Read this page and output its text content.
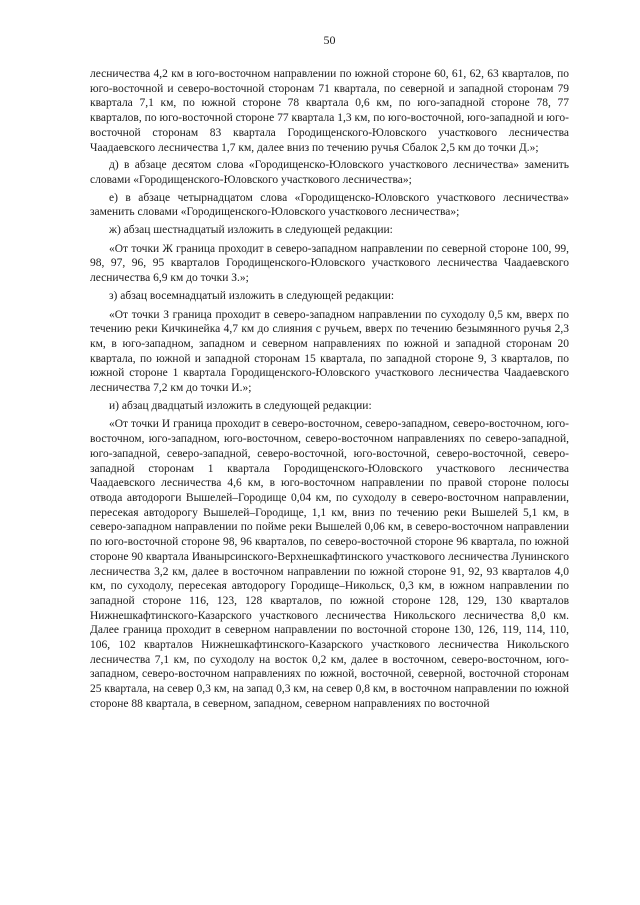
50

лесничества 4,2 км в юго-восточном направлении по южной стороне 60, 61, 62, 63 кварталов, по юго-восточной и северо-восточной сторонам 71 квартала, по северной и западной сторонам 79 квартала 7,1 км, по южной стороне 78 квартала 0,6 км, по юго-западной стороне 78, 77 кварталов, по юго-восточной стороне 77 квартала 1,3 км, по юго-восточной, юго-западной и юго-восточной сторонам 83 квартала Городищенского-Юловского участкового лесничества Чаадаевского лесничества 1,7 км, далее вниз по течению ручья Сбалок 2,5 км до точки Д.»;

д) в абзаце десятом слова «Городищенско-Юловского участкового лесничества» заменить словами «Городищенского-Юловского участкового лесничества»;

е) в абзаце четырнадцатом слова «Городищенско-Юловского участкового лесничества» заменить словами «Городищенского-Юловского участкового лесничества»;

ж) абзац шестнадцатый изложить в следующей редакции:

«От точки Ж граница проходит в северо-западном направлении по северной стороне 100, 99, 98, 97, 96, 95 кварталов Городищенского-Юловского участкового лесничества Чаадаевского лесничества 6,9 км до точки З.»;

з) абзац восемнадцатый изложить в следующей редакции:

«От точки З граница проходит в северо-западном направлении по суходолу 0,5 км, вверх по течению реки Кичкинейка 4,7 км до слияния с ручьем, вверх по течению безымянного ручья 2,3 км, в юго-западном, западном и северном направлениях по южной и западной сторонам 20 квартала, по южной и западной сторонам 15 квартала, по западной стороне 9, 3 кварталов, по южной стороне 1 квартала Городищенского-Юловского участкового лесничества Чаадаевского лесничества 7,2 км до точки И.»;

и) абзац двадцатый изложить в следующей редакции:

«От точки И граница проходит в северо-восточном, северо-западном, северо-восточном, юго-восточном, юго-западном, юго-восточном, северо-восточном направлениях по северо-западной, юго-западной, северо-западной, северо-восточной, юго-восточной, северо-восточной, северо-западной сторонам 1 квартала Городищенского-Юловского участкового лесничества Чаадаевского лесничества 4,6 км, в юго-восточном направлении по правой стороне полосы отвода автодороги Вышелей–Городище 0,04 км, по суходолу в северо-восточном направлении, пересекая автодорогу Вышелей–Городище, 1,1 км, вниз по течению реки Вышелей 5,1 км, в северо-западном направлении по пойме реки Вышелей 0,06 км, в северо-восточном направлении по юго-восточной стороне 98, 96 кварталов, по северо-восточной стороне 96 квартала, по южной стороне 90 квартала Иваныpсинского-Верхнешкафтинского участкового лесничества Лунинского лесничества 3,2 км, далее в восточном направлении по южной стороне 91, 92, 93 кварталов 4,0 км, по суходолу, пересекая автодорогу Городище–Никольск, 0,3 км, в южном направлении по западной стороне 116, 123, 128 кварталов, по южной стороне 128, 129, 130 кварталов Нижнешкафтинского-Казарского участкового лесничества Никольского лесничества 8,0 км. Далее граница проходит в северном направлении по восточной стороне 130, 126, 119, 114, 110, 106, 102 кварталов Нижнешкафтинского-Казарского участкового лесничества Никольского лесничества 7,1 км, по суходолу на восток 0,2 км, далее в восточном, северо-восточном, юго-западном, северо-восточном направлениях по южной, восточной, северной, восточной сторонам 25 квартала, на север 0,3 км, на запад 0,3 км, на север 0,8 км, в восточном направлении по южной стороне 88 квартала, в северном, западном, северном направлениях по восточной
